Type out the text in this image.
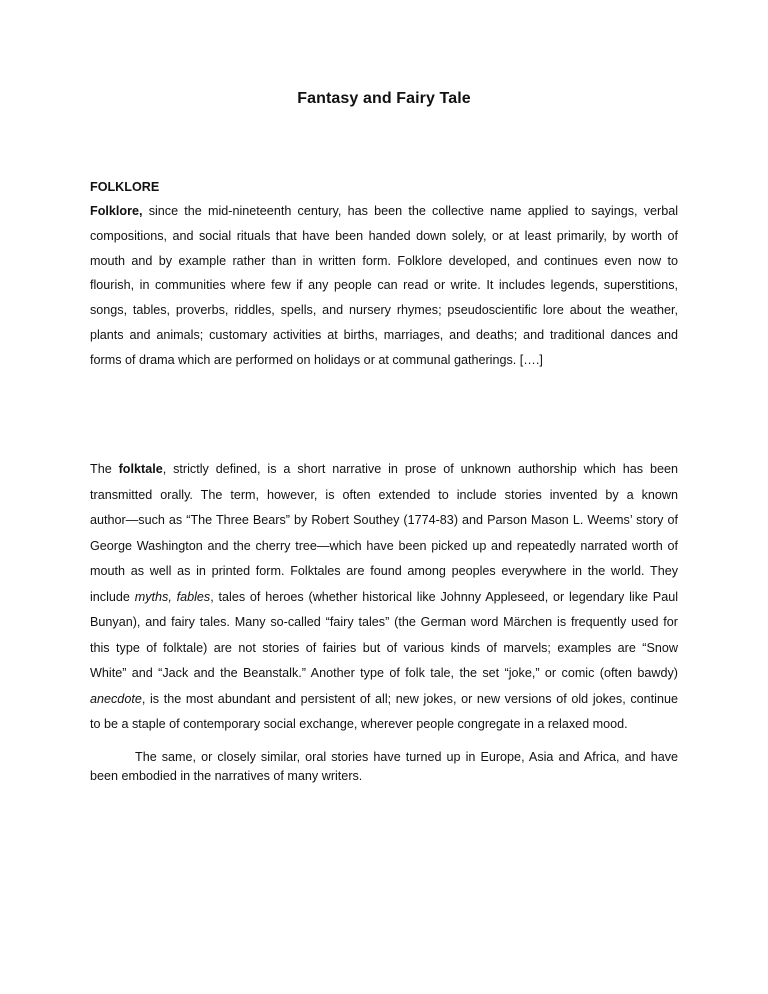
Fantasy and Fairy Tale
FOLKLORE
Folklore, since the mid-nineteenth century, has been the collective name applied to sayings, verbal
compositions, and social rituals that have been handed down solely, or at least primarily, by worth of
mouth and by example rather than in written form. Folklore developed, and continues even now to
flourish, in communities where few if any people can read or write. It includes legends, superstitions,
songs, tables, proverbs, riddles, spells, and nursery rhymes; pseudoscientific lore about the weather,
plants and animals; customary activities at births, marriages, and deaths; and traditional dances and
forms of drama which are performed on holidays or at communal gatherings. [….]
The folktale, strictly defined, is a short narrative in prose of unknown authorship which has been
transmitted orally. The term, however, is often extended to include stories invented by a known
author—such as “The Three Bears” by Robert Southey (1774-83) and Parson Mason L. Weems’ story of
George Washington and the cherry tree—which have been picked up and repeatedly narrated worth of
mouth as well as in printed form. Folktales are found among peoples everywhere in the world. They
include myths, fables, tales of heroes (whether historical like Johnny Appleseed, or legendary like Paul
Bunyan), and fairy tales. Many so-called “fairy tales” (the German word Märchen is frequently used for
this type of folktale) are not stories of fairies but of various kinds of marvels; examples are “Snow
White” and “Jack and the Beanstalk.” Another type of folk tale, the set “joke,” or comic (often bawdy)
anecdote, is the most abundant and persistent of all; new jokes, or new versions of old jokes, continue
to be a staple of contemporary social exchange, wherever people congregate in a relaxed mood.
The same, or closely similar, oral stories have turned up in Europe, Asia and Africa, and have
been embodied in the narratives of many writers.
